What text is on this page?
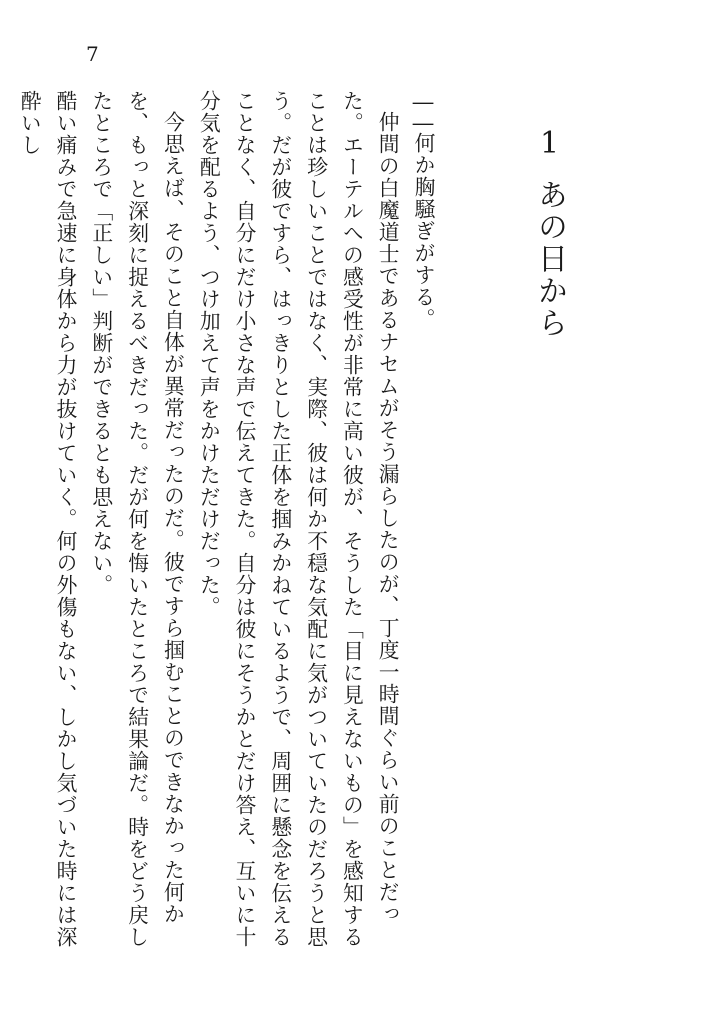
7
1あの日から

――何か胸騒ぎがする。

仲間の白魔道士であるナセムがそう漏らしたのが、丁度一時間ぐらい前のことだった。エーテルへの感受性が非常に高い彼が、そうした「目に見えないもの」を感知することは珍しいことではなく、実際、彼は何か不穏な気配に気がついていたのだろうと思う。だが彼ですら、はっきりとした正体を掴みかねているようで、周囲に懸念を伝えることなく、自分にだけ小さな声で伝えてきた。自分は彼にそうかとだけ答え、互いに十分気を配るよう、つけ加えて声をかけただけだった。

今思えば、そのこと自体が異常だったのだ。彼ですら掴むことのできなかった何かを、もっと深刻に捉えるべきだった。だが何を悔いたところで結果論だ。時をどう戻したところで「正しい」判断ができるとも思えない。

酷い痛みで急速に身体から力が抜けていく。何の外傷もない、しかし気づいた時には深酔いし
